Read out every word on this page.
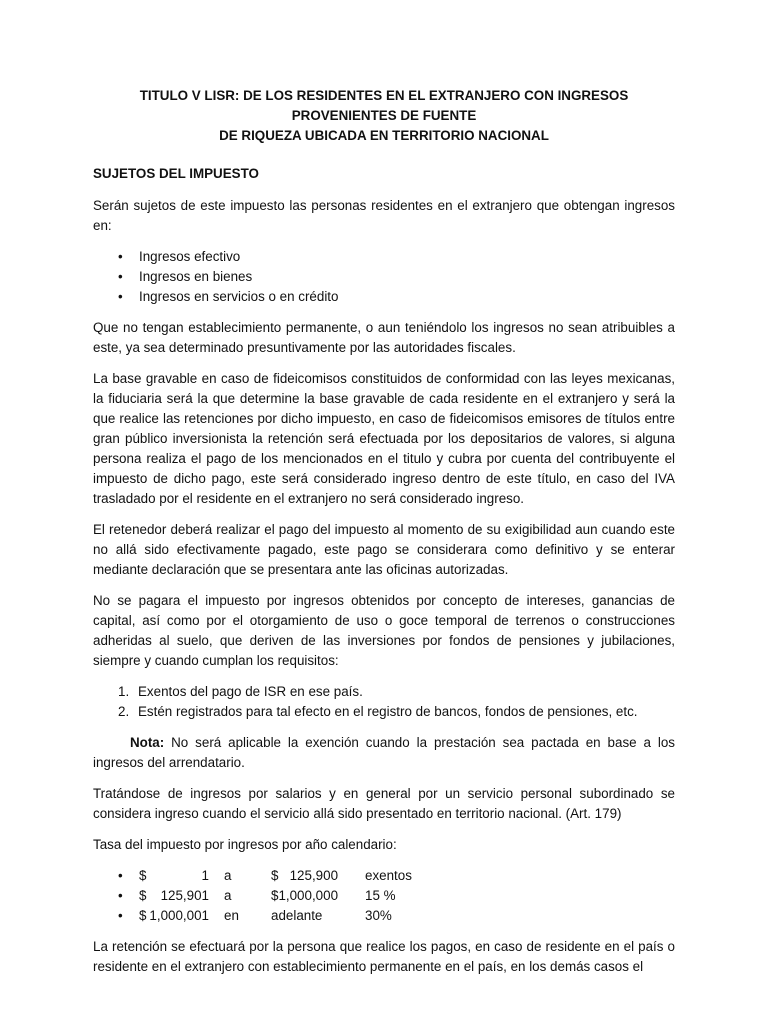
TITULO V LISR: DE LOS RESIDENTES EN EL EXTRANJERO CON INGRESOS PROVENIENTES DE FUENTE
DE RIQUEZA UBICADA EN TERRITORIO NACIONAL
SUJETOS DEL IMPUESTO

Serán sujetos de este impuesto las personas residentes en el extranjero que obtengan ingresos en:

• Ingresos efectivo
• Ingresos en bienes
• Ingresos en servicios o en crédito

Que no tengan establecimiento permanente, o aun teniéndolo los ingresos no sean atribuibles a este, ya sea determinado presuntivamente por las autoridades fiscales.

La base gravable en caso de fideicomisos constituidos de conformidad con las leyes mexicanas, la fiduciaria será la que determine la base gravable de cada residente en el extranjero y será la que realice las retenciones por dicho impuesto, en caso de fideicomisos emisores de títulos entre gran público inversionista la retención será efectuada por los depositarios de valores, si alguna persona realiza el pago de los mencionados en el titulo y cubra por cuenta del contribuyente el impuesto de dicho pago, este será considerado ingreso dentro de este título, en caso del IVA trasladado por el residente en el extranjero no será considerado ingreso.

El retenedor deberá realizar el pago del impuesto al momento de su exigibilidad aun cuando este no allá sido efectivamente pagado, este pago se considerara como definitivo y se enterar mediante declaración que se presentara ante las oficinas autorizadas.

No se pagara el impuesto por ingresos obtenidos por concepto de intereses, ganancias de capital, así como por el otorgamiento de uso o goce temporal de terrenos o construcciones adheridas al suelo, que deriven de las inversiones por fondos de pensiones y jubilaciones, siempre y cuando cumplan los requisitos:

1. Exentos del pago de ISR en ese país.
2. Estén registrados para tal efecto en el registro de bancos, fondos de pensiones, etc.

Nota: No será aplicable la exención cuando la prestación sea pactada en base a los ingresos del arrendatario.

Tratándose de ingresos por salarios y en general por un servicio personal subordinado se considera ingreso cuando el servicio allá sido presentado en territorio nacional. (Art. 179)

Tasa del impuesto por ingresos por año calendario:

• $	1 a	$   125,900 exentos
• $ 125,901 a	$1,000,000 15 %
• $ 1,000,001 en adelante	30%

La retención se efectuará por la persona que realice los pagos, en caso de residente en el país o residente en el extranjero con establecimiento permanente en el país, en los demás casos el
